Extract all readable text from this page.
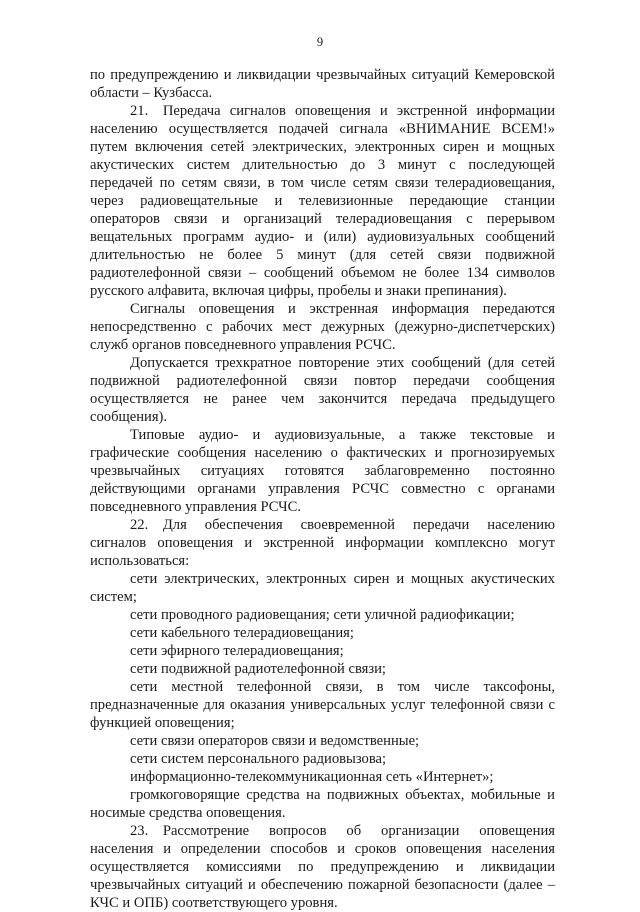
9

по предупреждению и ликвидации чрезвычайных ситуаций Кемеровской области – Кузбасса.

21. Передача сигналов оповещения и экстренной информации населению осуществляется подачей сигнала «ВНИМАНИЕ ВСЕМ!» путем включения сетей электрических, электронных сирен и мощных акустических систем длительностью до 3 минут с последующей передачей по сетям связи, в том числе сетям связи телерадиовещания, через радиовещательные и телевизионные передающие станции операторов связи и организаций телерадиовещания с перерывом вещательных программ аудио- и (или) аудиовизуальных сообщений длительностью не более 5 минут (для сетей связи подвижной радиотелефонной связи – сообщений объемом не более 134 символов русского алфавита, включая цифры, пробелы и знаки препинания).

Сигналы оповещения и экстренная информация передаются непосредственно с рабочих мест дежурных (дежурно-диспетчерских) служб органов повседневного управления РСЧС.

Допускается трехкратное повторение этих сообщений (для сетей подвижной радиотелефонной связи повтор передачи сообщения осуществляется не ранее чем закончится передача предыдущего сообщения).

Типовые аудио- и аудиовизуальные, а также текстовые и графические сообщения населению о фактических и прогнозируемых чрезвычайных ситуациях готовятся заблаговременно постоянно действующими органами управления РСЧС совместно с органами повседневного управления РСЧС.

22. Для обеспечения своевременной передачи населению сигналов оповещения и экстренной информации комплексно могут использоваться:

сети электрических, электронных сирен и мощных акустических систем;

сети проводного радиовещания; сети уличной радиофикации;

сети кабельного телерадиовещания;

сети эфирного телерадиовещания;

сети подвижной радиотелефонной связи;

сети местной телефонной связи, в том числе таксофоны, предназначенные для оказания универсальных услуг телефонной связи с функцией оповещения;

сети связи операторов связи и ведомственные;

сети систем персонального радиовызова;

информационно-телекоммуникационная сеть «Интернет»;

громкоговорящие средства на подвижных объектах, мобильные и носимые средства оповещения.

23. Рассмотрение вопросов об организации оповещения населения и определении способов и сроков оповещения населения осуществляется комиссиями по предупреждению и ликвидации чрезвычайных ситуаций и обеспечению пожарной безопасности (далее – КЧС и ОПБ) соответствующего уровня.
